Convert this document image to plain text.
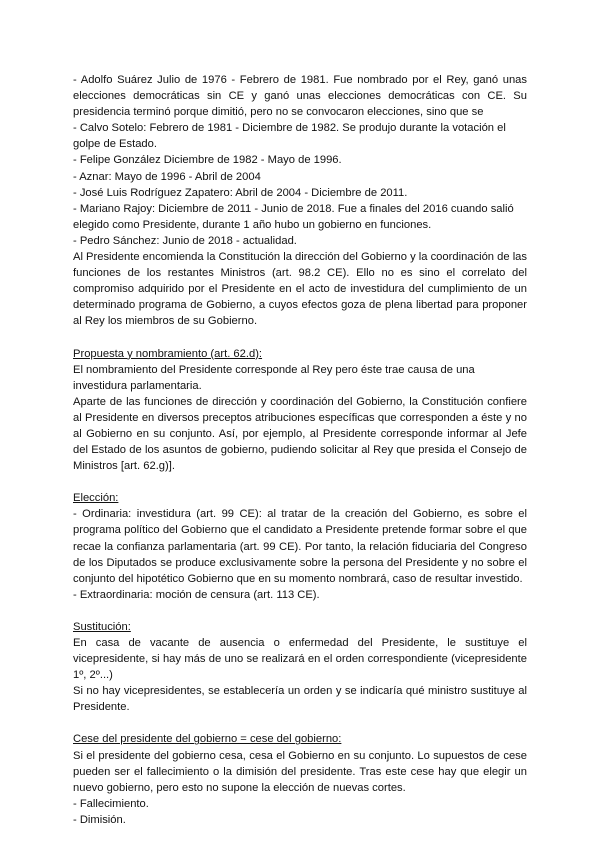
- Adolfo Suárez Julio de 1976 - Febrero de 1981. Fue nombrado por el Rey, ganó unas elecciones democráticas sin CE y ganó unas elecciones democráticas con CE. Su presidencia terminó porque dimitió, pero no se convocaron elecciones, sino que se

- Calvo Sotelo: Febrero de 1981 - Diciembre de 1982. Se produjo durante la votación el golpe de Estado.

- Felipe González Diciembre de 1982 - Mayo de 1996.

- Aznar: Mayo de 1996 - Abril de 2004

- José Luis Rodríguez Zapatero: Abril de 2004 - Diciembre de 2011.

- Mariano Rajoy: Diciembre de 2011 - Junio de 2018. Fue a finales del 2016 cuando salió elegido como Presidente, durante 1 año hubo un gobierno en funciones.

- Pedro Sánchez: Junio de 2018 - actualidad.

Al Presidente encomienda la Constitución la dirección del Gobierno y la coordinación de las funciones de los restantes Ministros (art. 98.2 CE). Ello no es sino el correlato del compromiso adquirido por el Presidente en el acto de investidura del cumplimiento de un determinado programa de Gobierno, a cuyos efectos goza de plena libertad para proponer al Rey los miembros de su Gobierno.

Propuesta y nombramiento (art. 62.d):

El nombramiento del Presidente corresponde al Rey pero éste trae causa de una investidura parlamentaria.

Aparte de las funciones de dirección y coordinación del Gobierno, la Constitución confiere al Presidente en diversos preceptos atribuciones específicas que corresponden a éste y no al Gobierno en su conjunto. Así, por ejemplo, al Presidente corresponde informar al Jefe del Estado de los asuntos de gobierno, pudiendo solicitar al Rey que presida el Consejo de Ministros [art. 62.g)].

Elección:

- Ordinaria: investidura (art. 99 CE): al tratar de la creación del Gobierno, es sobre el programa político del Gobierno que el candidato a Presidente pretende formar sobre el que recae la confianza parlamentaria (art. 99 CE). Por tanto, la relación fiduciaria del Congreso de los Diputados se produce exclusivamente sobre la persona del Presidente y no sobre el conjunto del hipotético Gobierno que en su momento nombrará, caso de resultar investido.

- Extraordinaria: moción de censura (art. 113 CE).

Sustitución:

En casa de vacante de ausencia o enfermedad del Presidente, le sustituye el vicepresidente, si hay más de uno se realizará en el orden correspondiente (vicepresidente 1º, 2º...)

Si no hay vicepresidentes, se establecería un orden y se indicaría qué ministro sustituye al Presidente.

Cese del presidente del gobierno = cese del gobierno:

Si el presidente del gobierno cesa, cesa el Gobierno en su conjunto. Lo supuestos de cese pueden ser el fallecimiento o la dimisión del presidente. Tras este cese hay que elegir un nuevo gobierno, pero esto no supone la elección de nuevas cortes.

- Fallecimiento.

- Dimisión.
